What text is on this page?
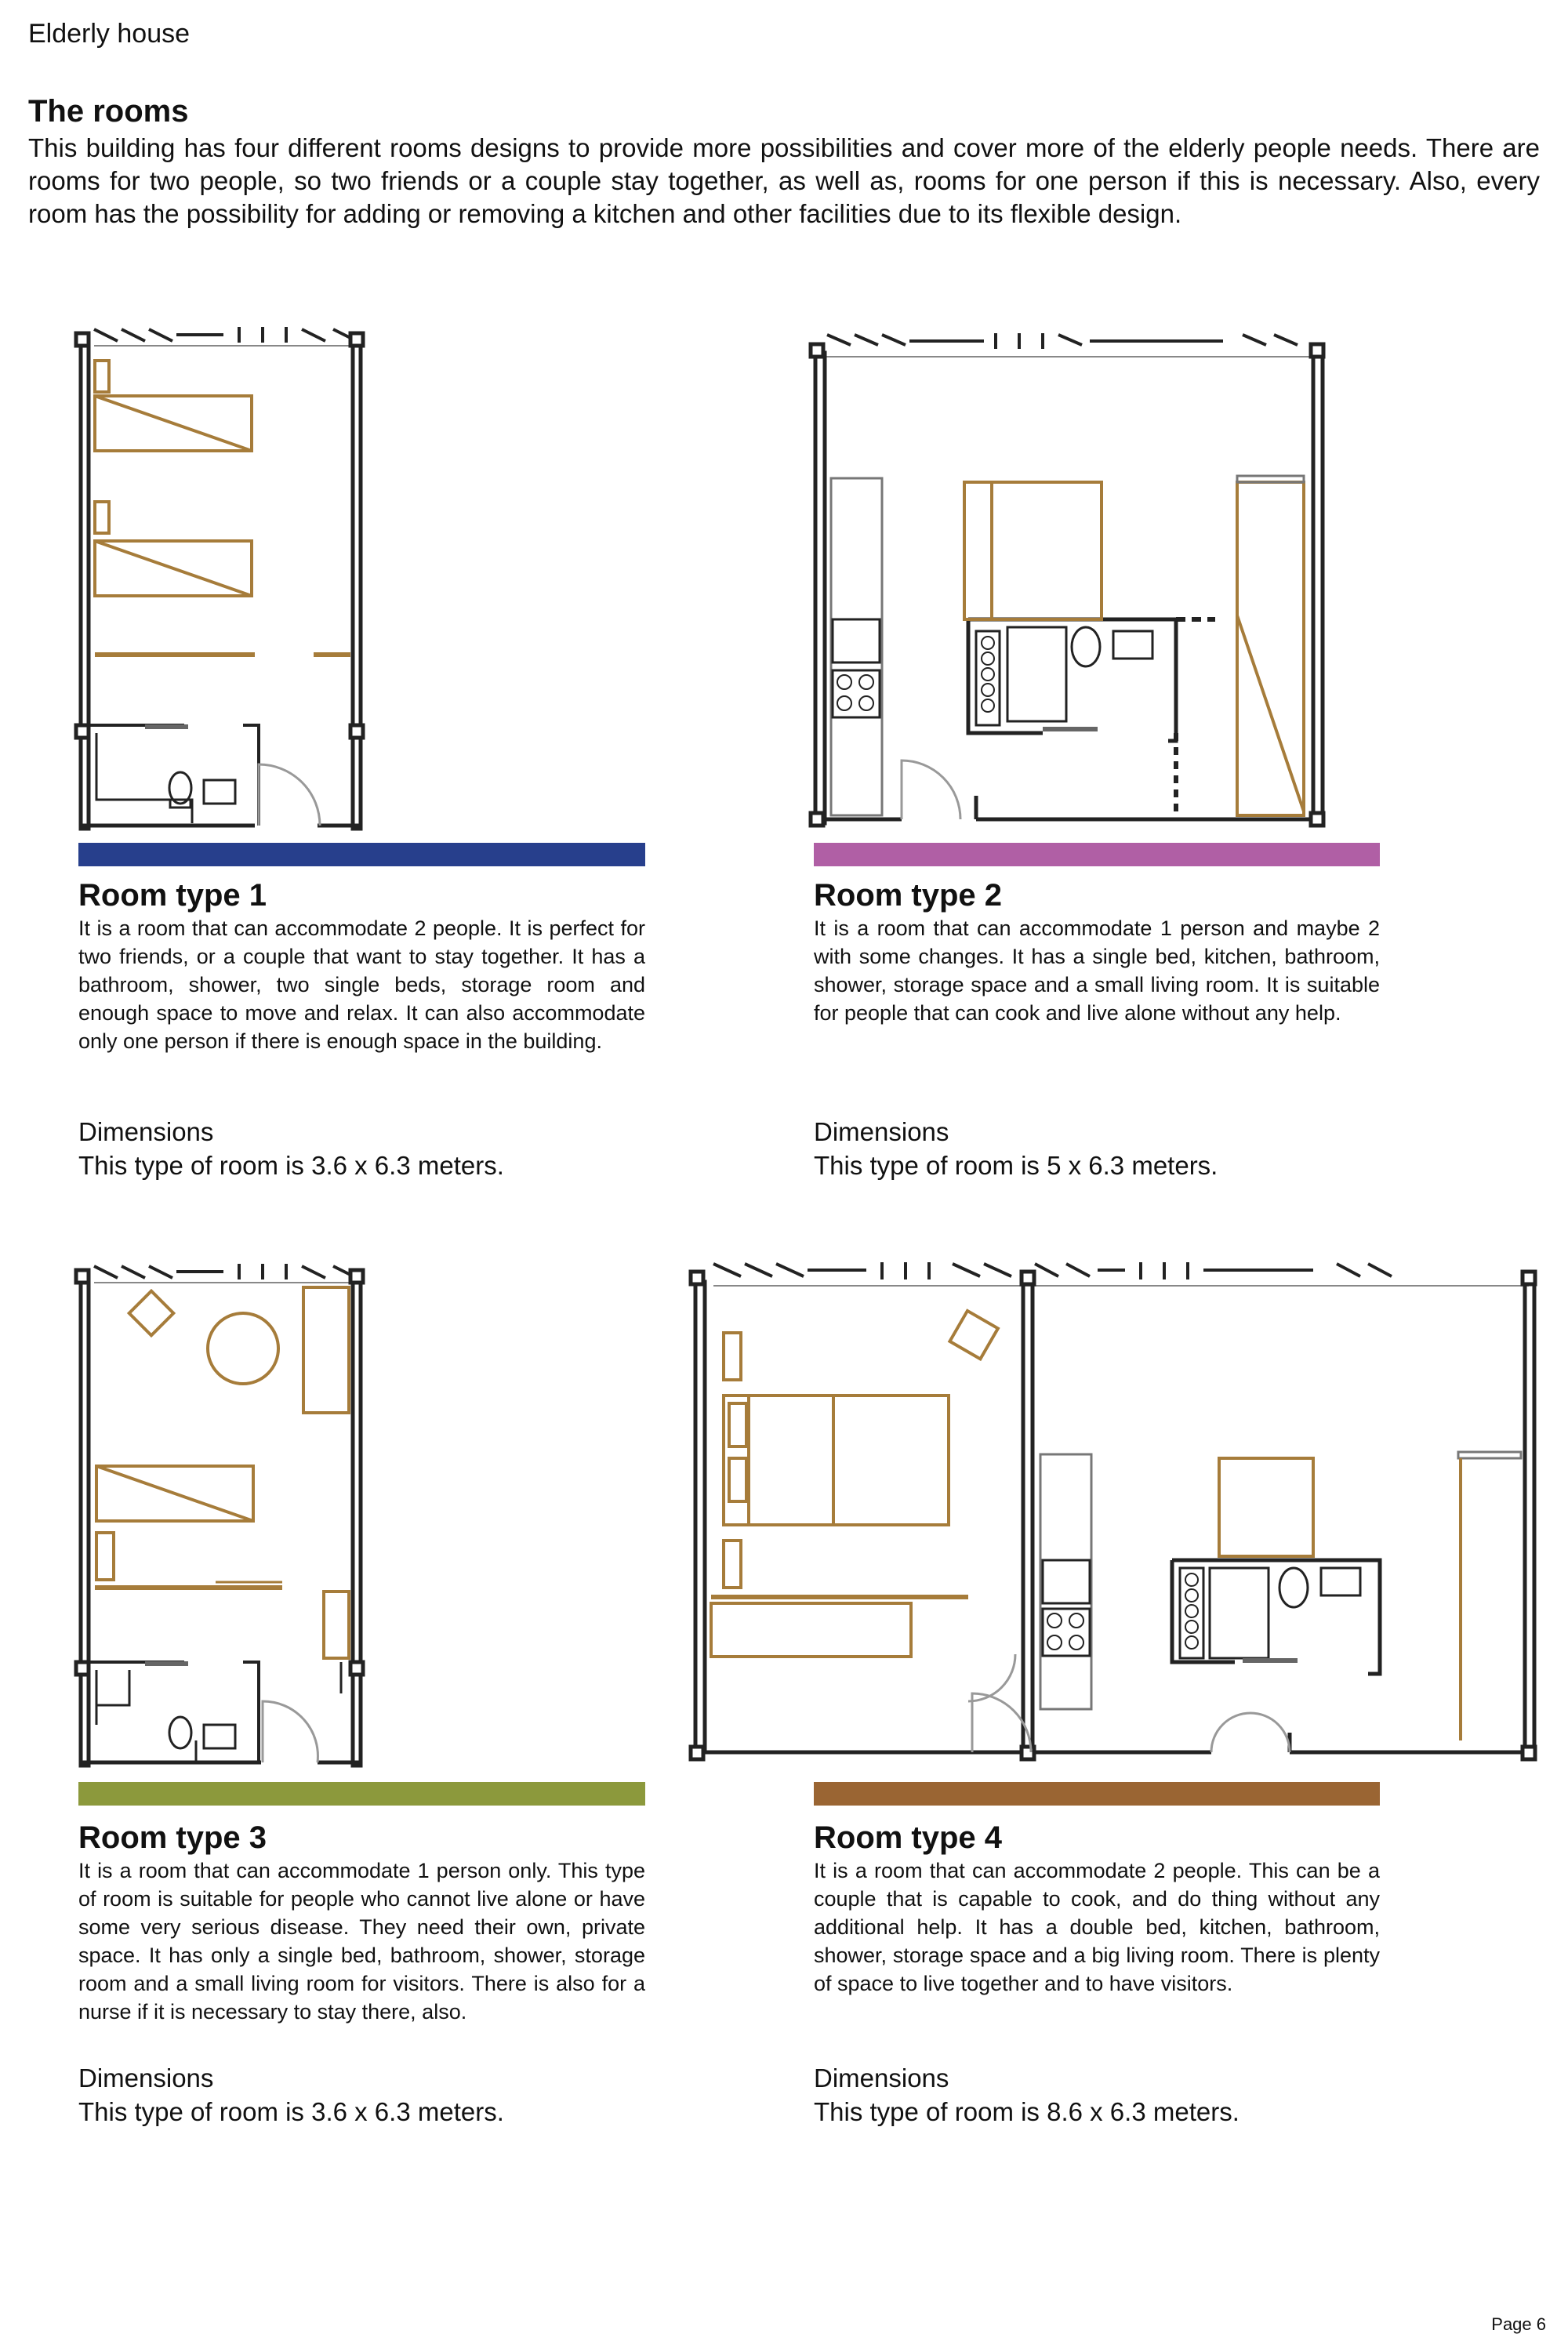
Elderly house
The rooms
This building has four different rooms designs to provide more possibilities and cover more of the elderly people needs. There are rooms for two people, so two friends or a couple stay together, as well as, rooms for one person if this is necessary. Also, every room has the possibility for adding or removing a kitchen and other facilities due to its flexible design.
Room type 1
It is a room that can accommodate 2 people. It is perfect for two friends, or a couple that want to stay together. It has a bathroom, shower, two single beds, storage room and enough space to move and relax. It can also accommodate only one person if there is enough space in the building.
Dimensions
This type of room is 3.6 x 6.3 meters.
Room type 2
It is a room that can accommodate 1 person and maybe 2 with some changes. It has a single bed, kitchen, bathroom, shower, storage space and a small living room. It is suitable for people that can cook and live alone without any help.
Dimensions
This type of room is 5 x 6.3 meters.
Room type 3
It is a room that can accommodate 1 person only. This type of room is suitable for people who cannot live alone or have some very serious disease. They need their own, private space. It has only a single bed, bathroom, shower, storage room and a small living room for visitors. There is also for a nurse if it is necessary to stay there, also.
Dimensions
This type of room is 3.6 x 6.3 meters.
Room type 4
It is a room that can accommodate 2 people. This can be a couple that is capable to cook, and do thing without any additional help. It has a double bed, kitchen, bathroom, shower, storage space and a big living room. There is plenty of space to live together and to have visitors.
Dimensions
This type of room is 8.6 x 6.3 meters.
Page 6
